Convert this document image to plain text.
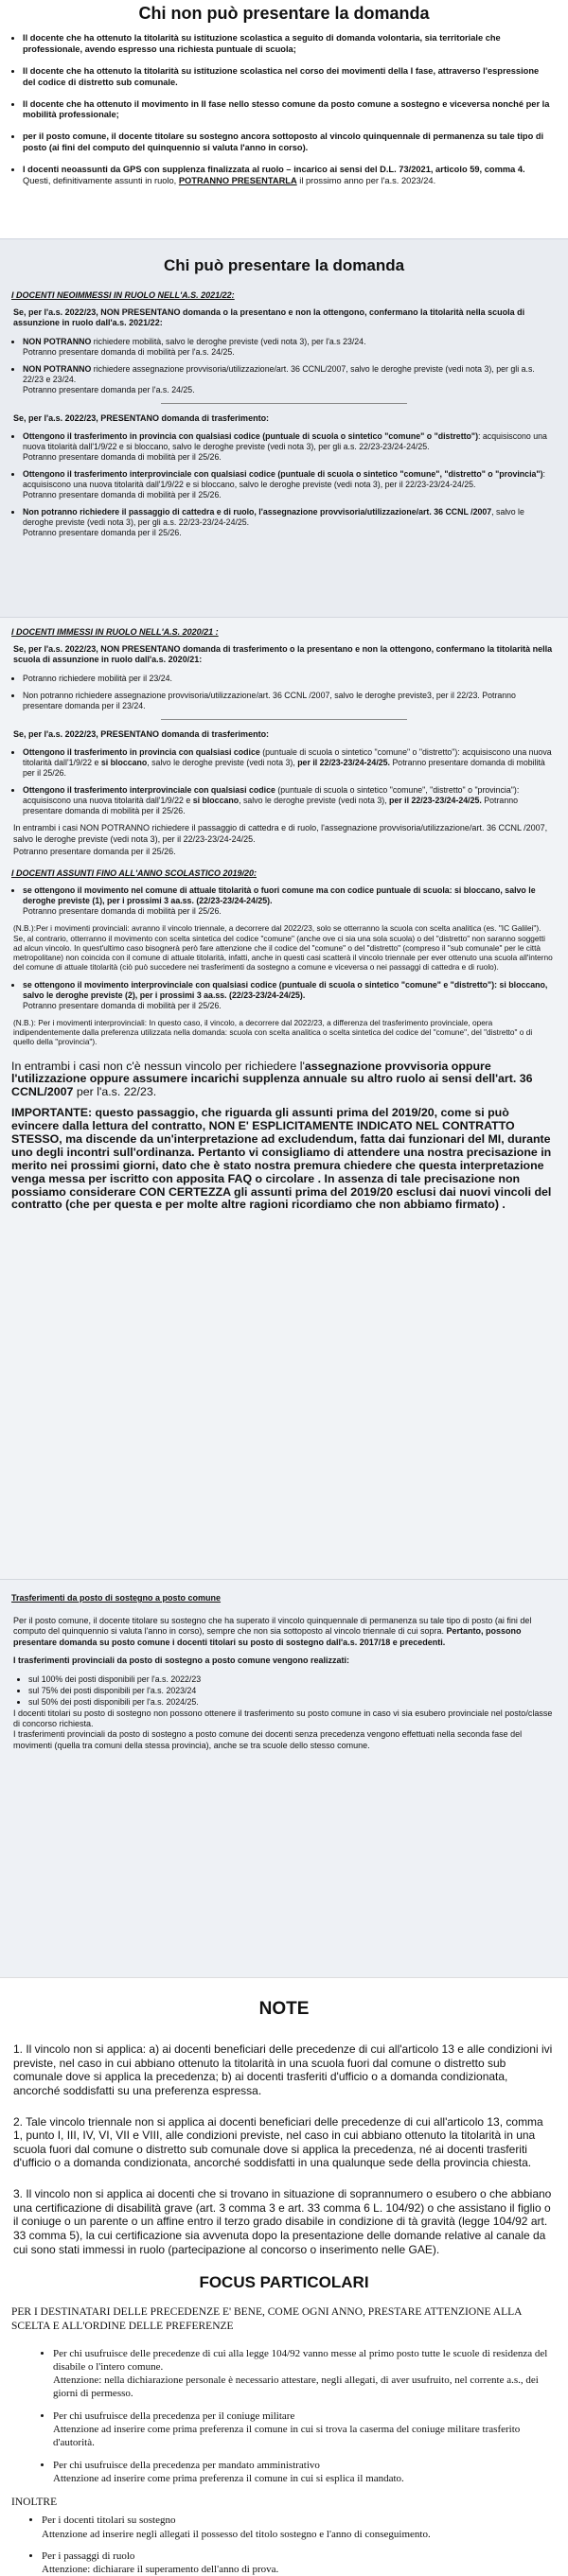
Chi non può presentare la domanda
• Il docente che ha ottenuto la titolarità su istituzione scolastica a seguito di domanda volontaria, sia territoriale che professionale, avendo espresso una richiesta puntuale di scuola;
• Il docente che ha ottenuto la titolarità su istituzione scolastica nel corso dei movimenti della I fase, attraverso l'espressione del codice di distretto sub comunale.
• Il docente che ha ottenuto il movimento in II fase nello stesso comune da posto comune a sostegno e viceversa nonché per la mobilità professionale;
• per il posto comune, il docente titolare su sostegno ancora sottoposto al vincolo quinquennale di permanenza su tale tipo di posto (ai fini del computo del quinquennio si valuta l'anno in corso).
• I docenti neoassunti da GPS con supplenza finalizzata al ruolo – incarico ai sensi del D.L. 73/2021, articolo 59, comma 4.
Questi, definitivamente assunti in ruolo, POTRANNO PRESENTARLA il prossimo anno per l'a.s. 2023/24.
Chi può presentare la domanda
I DOCENTI NEOIMMESSI IN RUOLO NELL'A.S. 2021/22:
Se, per l'a.s. 2022/23, NON PRESENTANO domanda o la presentano e non la ottengono, confermano la titolarità nella scuola di assunzione in ruolo dall'a.s. 2021/22:
• NON POTRANNO richiedere mobilità, salvo le deroghe previste (vedi nota 3), per l'a.s 23/24.
Potranno presentare domanda di mobilità per l'a.s. 24/25.
• NON POTRANNO richiedere assegnazione provvisoria/utilizzazione/art. 36 CCNL/2007, salvo le deroghe previste (vedi nota 3), per gli a.s. 22/23 e 23/24.
Potranno presentare domanda per l'a.s. 24/25.
Se, per l'a.s. 2022/23, PRESENTANO domanda di trasferimento:
• Ottengono il trasferimento in provincia con qualsiasi codice (puntuale di scuola o sintetico "comune" o "distretto"): acquisiscono una nuova titolarità dall'1/9/22 e si bloccano, salvo le deroghe previste (vedi nota 3), per gli a.s. 22/23-23/24-24/25.
Potranno presentare domanda di mobilità per il 25/26.
• Ottengono il trasferimento interprovinciale con qualsiasi codice (puntuale di scuola o sintetico "comune", "distretto" o "provincia"): acquisiscono una nuova titolarità dall'1/9/22 e si bloccano, salvo le deroghe previste (vedi nota 3), per il 22/23-23/24-24/25.
Potranno presentare domanda di mobilità per il 25/26.
• Non potranno richiedere il passaggio di cattedra e di ruolo, l'assegnazione provvisoria/utilizzazione/art. 36 CCNL /2007, salvo le deroghe previste (vedi nota 3), per gli a.s. 22/23-23/24-24/25.
Potranno presentare domanda per il 25/26.
I DOCENTI IMMESSI IN RUOLO NELL'A.S. 2020/21 :
Se, per l'a.s. 2022/23, NON PRESENTANO domanda di trasferimento o la presentano e non la ottengono, confermano la titolarità nella scuola di assunzione in ruolo dall'a.s. 2020/21:
• Potranno richiedere mobilità per il 23/24.
• Non potranno richiedere assegnazione provvisoria/utilizzazione/art. 36 CCNL /2007, salvo le deroghe previste3, per il 22/23. Potranno presentare domanda per il 23/24.
Se, per l'a.s. 2022/23, PRESENTANO domanda di trasferimento:
• Ottengono il trasferimento in provincia con qualsiasi codice (puntuale di scuola o sintetico "comune" o "distretto"): acquisiscono una nuova titolarità dall'1/9/22 e si bloccano, salvo le deroghe previste (vedi nota 3), per il 22/23-23/24-24/25. Potranno presentare domanda di mobilità per il 25/26.
• Ottengono il trasferimento interprovinciale con qualsiasi codice (puntuale di scuola o sintetico "comune", "distretto" o "provincia"): acquisiscono una nuova titolarità dall'1/9/22 e si bloccano, salvo le deroghe previste (vedi nota 3), per il 22/23-23/24-24/25. Potranno presentare domanda di mobilità per il 25/26.
In entrambi i casi NON POTRANNO richiedere il passaggio di cattedra e di ruolo, l'assegnazione provvisoria/utilizzazione/art. 36 CCNL /2007, salvo le deroghe previste (vedi nota 3), per il 22/23-23/24-24/25.
Potranno presentare domanda per il 25/26.
I DOCENTI ASSUNTI FINO ALL'ANNO SCOLASTICO 2019/20:
• se ottengono il movimento nel comune di attuale titolarità o fuori comune ma con codice puntuale di scuola: si bloccano, salvo le deroghe previste (1), per i prossimi 3 aa.ss. (22/23-23/24-24/25).
Potranno presentare domanda di mobilità per il 25/26.
(N.B.):Per i movimenti provinciali: avranno il vincolo triennale, a decorrere dal 2022/23, solo se otterranno la scuola con scelta analitica (es. "IC Galilei"). Se, al contrario, otterranno il movimento con scelta sintetica del codice "comune" (anche ove ci sia una sola scuola) o del "distretto" non saranno soggetti ad alcun vincolo. In quest'ultimo caso bisognerà però fare attenzione che il codice del "comune" o del "distretto" (compreso il "sub comunale" per le città metropolitane) non coincida con il comune di attuale titolarità, infatti, anche in questi casi scatterà il vincolo triennale per ever ottenuto una scuola all'interno del comune di attuale titolarità (ciò può succedere nei trasferimenti da sostegno a comune e viceversa o nei passaggi di cattedra e di ruolo).
• se ottengono il movimento interprovinciale con qualsiasi codice (puntuale di scuola o sintetico "comune" e "distretto"): si bloccano, salvo le deroghe previste (2), per i prossimi 3 aa.ss. (22/23-23/24-24/25).
Potranno presentare domanda di mobilità per il 25/26.
(N.B.): Per i movimenti interprovinciali: In questo caso, il vincolo, a decorrere dal 2022/23, a differenza del trasferimento provinciale, opera indipendentemente dalla preferenza utilizzata nella domanda: scuola con scelta analitica o scelta sintetica del codice del "comune", del "distretto" o di quello della "provincia").
In entrambi i casi non c'è nessun vincolo per richiedere l'assegnazione provvisoria oppure l'utilizzazione oppure assumere incarichi supplenza annuale su altro ruolo ai sensi dell'art. 36 CCNL/2007 per l'a.s. 22/23.
IMPORTANTE: questo passaggio, che riguarda gli assunti prima del 2019/20, come si può evincere dalla lettura del contratto, NON E' ESPLICITAMENTE INDICATO NEL CONTRATTO STESSO, ma discende da un'interpretazione ad excludendum, fatta dai funzionari del MI, durante uno degli incontri sull'ordinanza. Pertanto vi consigliamo di attendere una nostra precisazione in merito nei prossimi giorni, dato che è stato nostra premura chiedere che questa interpretazione venga messa per iscritto con apposita FAQ o circolare . In assenza di tale precisazione non possiamo considerare CON CERTEZZA gli assunti prima del 2019/20 esclusi dai nuovi vincoli del contratto (che per questa e per molte altre ragioni ricordiamo che non abbiamo firmato) .
Trasferimenti da posto di sostegno a posto comune
Per il posto comune, il docente titolare su sostegno che ha superato il vincolo quinquennale di permanenza su tale tipo di posto (ai fini del computo del quinquennio si valuta l'anno in corso), sempre che non sia sottoposto al vincolo triennale di cui sopra. Pertanto, possono presentare domanda su posto comune i docenti titolari su posto di sostegno dall'a.s. 2017/18 e precedenti.
I trasferimenti provinciali da posto di sostegno a posto comune vengono realizzati:
• sul 100% dei posti disponibili per l'a.s. 2022/23
• sul 75% dei posti disponibili per l'a.s. 2023/24
• sul 50% dei posti disponibili per l'a.s. 2024/25.
I docenti titolari su posto di sostegno non possono ottenere il trasferimento su posto comune in caso vi sia esubero provinciale nel posto/classe di concorso richiesta.
I trasferimenti provinciali da posto di sostegno a posto comune dei docenti senza precedenza vengono effettuati nella seconda fase del movimenti (quella tra comuni della stessa provincia), anche se tra scuole dello stesso comune.
NOTE
1. Il vincolo non si applica: a) ai docenti beneficiari delle precedenze di cui all'articolo 13 e alle condizioni ivi previste, nel caso in cui abbiano ottenuto la titolarità in una scuola fuori dal comune o distretto sub comunale dove si applica la precedenza; b) ai docenti trasferiti d'ufficio o a domanda condizionata, ancorché soddisfatti su una preferenza espressa.
2. Tale vincolo triennale non si applica ai docenti beneficiari delle precedenze di cui all'articolo 13, comma 1, punto I, III, IV, VI, VII e VIII, alle condizioni previste, nel caso in cui abbiano ottenuto la titolarità in una scuola fuori dal comune o distretto sub comunale dove si applica la precedenza, né ai docenti trasferiti d'ufficio o a domanda condizionata, ancorché soddisfatti in una qualunque sede della provincia chiesta.
3. Il vincolo non si applica ai docenti che si trovano in situazione di soprannumero o esubero o che abbiano una certificazione di disabilità grave (art. 3 comma 3 e art. 33 comma 6 L. 104/92) o che assistano il figlio o il coniuge o un parente o un affine entro il terzo grado disabile in condizione di tà gravità (legge 104/92 art. 33 comma 5), la cui certificazione sia avvenuta dopo la presentazione delle domande relative al canale da cui sono stati immessi in ruolo (partecipazione al concorso o inserimento nelle GAE).
FOCUS PARTICOLARI
PER I DESTINATARI DELLE PRECEDENZE E' BENE, COME OGNI ANNO, PRESTARE ATTENZIONE ALLA SCELTA E ALL'ORDINE DELLE PREFERENZE
• Per chi usufruisce delle precedenze di cui alla legge 104/92 vanno messe al primo posto tutte le scuole di residenza del disabile o l'intero comune.
Attenzione: nella dichiarazione personale è necessario attestare, negli allegati, di aver usufruito, nel corrente a.s., dei giorni di permesso.
• Per chi usufruisce della precedenza per il coniuge militare
Attenzione ad inserire come prima preferenza il comune in cui si trova la caserma del coniuge militare trasferito d'autorità.
• Per chi usufruisce della precedenza per mandato amministrativo
Attenzione ad inserire come prima preferenza il comune in cui si esplica il mandato.
INOLTRE
• Per i docenti titolari su sostegno
Attenzione ad inserire negli allegati il possesso del titolo sostegno e l'anno di conseguimento.
• Per i passaggi di ruolo
Attenzione: dichiarare il superamento dell'anno di prova.
